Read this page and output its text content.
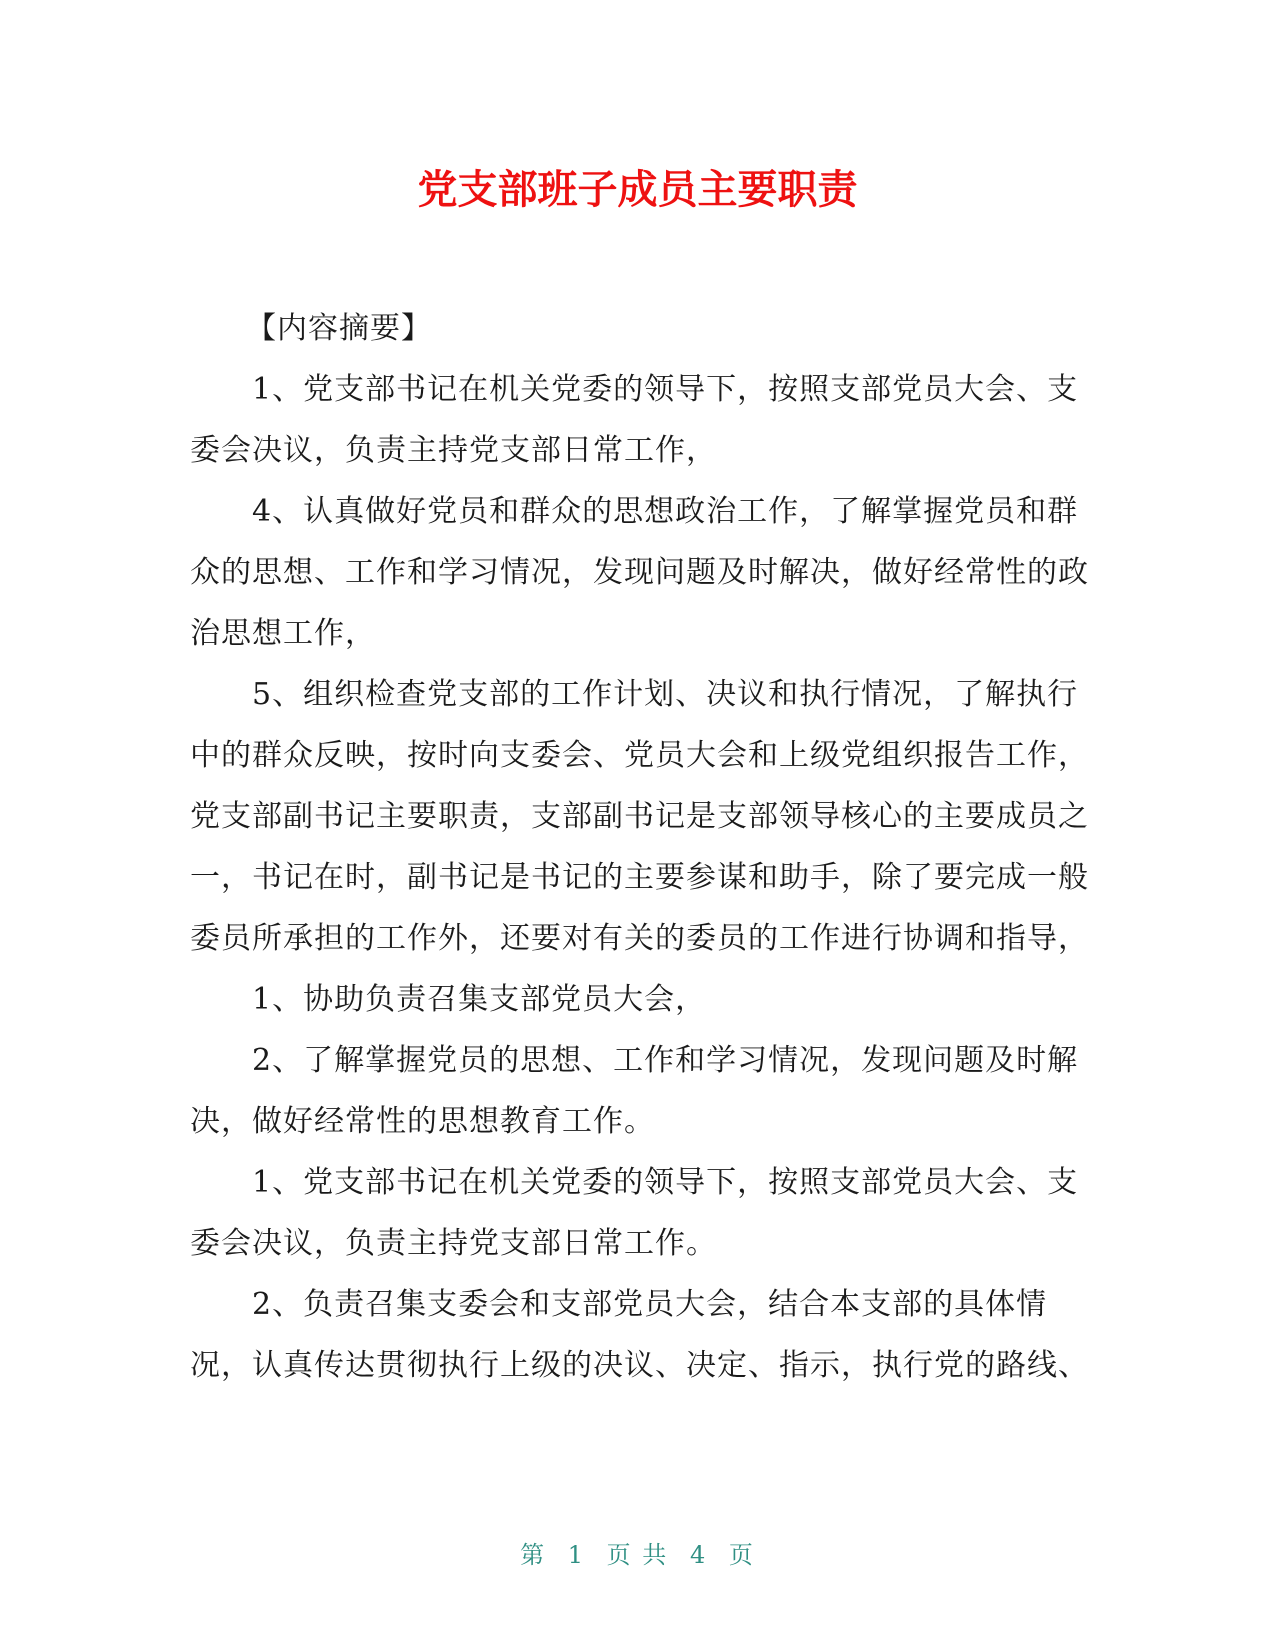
党支部班子成员主要职责

【内容摘要】

1、党支部书记在机关党委的领导下，按照支部党员大会、支委会决议，负责主持党支部日常工作，

4、认真做好党员和群众的思想政治工作，了解掌握党员和群众的思想、工作和学习情况，发现问题及时解决，做好经常性的政治思想工作，

5、组织检查党支部的工作计划、决议和执行情况，了解执行中的群众反映，按时向支委会、党员大会和上级党组织报告工作，党支部副书记主要职责，支部副书记是支部领导核心的主要成员之一，书记在时，副书记是书记的主要参谋和助手，除了要完成一般委员所承担的工作外，还要对有关的委员的工作进行协调和指导，

1、协助负责召集支部党员大会，

2、了解掌握党员的思想、工作和学习情况，发现问题及时解决，做好经常性的思想教育工作。

1、党支部书记在机关党委的领导下，按照支部党员大会、支委会决议，负责主持党支部日常工作。

2、负责召集支委会和支部党员大会，结合本支部的具体情况，认真传达贯彻执行上级的决议、决定、指示，执行党的路线、

第 1 页 共 4 页
